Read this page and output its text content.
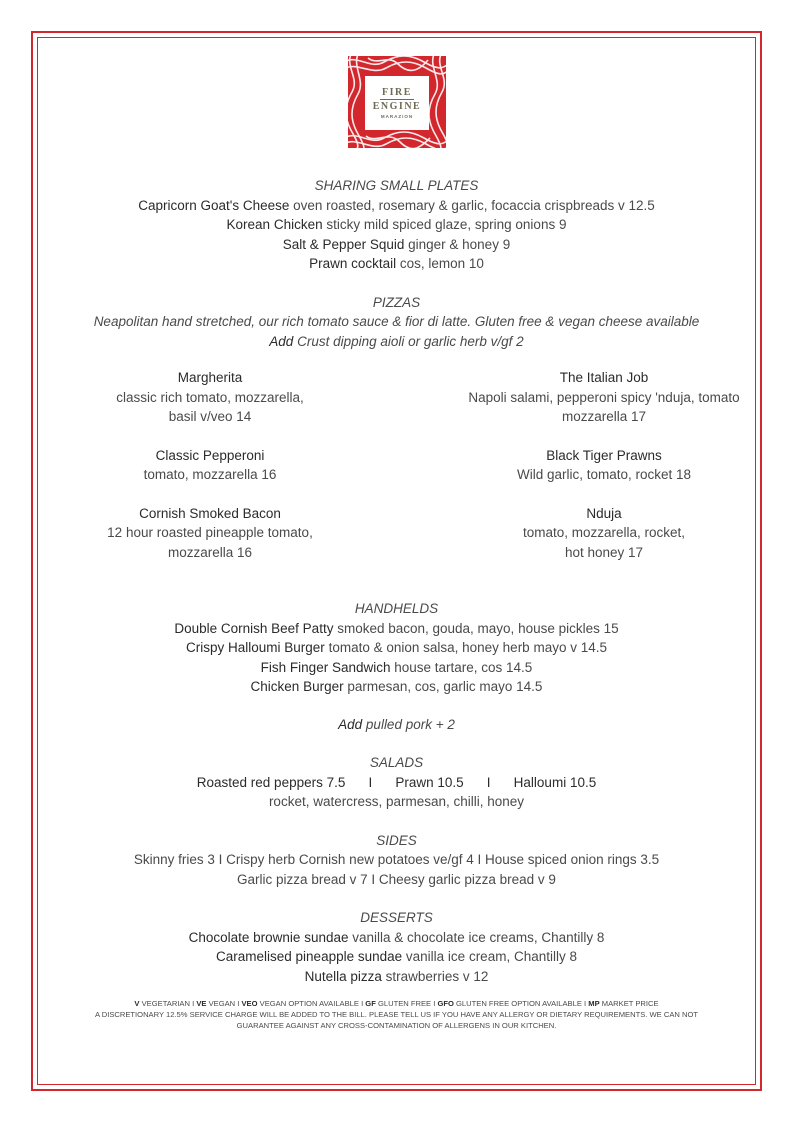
FIRE
ENGINE
MARAZION

SHARING SMALL PLATES

Capricorn Goat's Cheese oven roasted, rosemary & garlic, focaccia crispbreads v 12.5

Korean Chicken sticky mild spiced glaze, spring onions 9

Salt & Pepper Squid ginger & honey 9

Prawn cocktail cos, lemon 10

PIZZAS

Neapolitan hand stretched, our rich tomato sauce & fior di latte. Gluten free & vegan cheese available

Add Crust dipping aioli or garlic herb v/gf 2

Margherita

classic rich tomato, mozzarella,

basil v/veo 14

Classic Pepperoni

tomato, mozzarella 16

Cornish Smoked Bacon

12 hour roasted pineapple tomato,

mozzarella 16

The Italian Job

Napoli salami, pepperoni spicy 'nduja, tomato

mozzarella 17

Black Tiger Prawns

Wild garlic, tomato, rocket 18

Nduja

tomato, mozzarella, rocket,

hot honey 17

HANDHELDS

Double Cornish Beef Patty smoked bacon, gouda, mayo, house pickles 15

Crispy Halloumi Burger tomato & onion salsa, honey herb mayo v 14.5

Fish Finger Sandwich house tartare, cos 14.5

Chicken Burger parmesan, cos, garlic mayo 14.5

Add pulled pork + 2

SALADS

Roasted red peppers 7.5 I Prawn 10.5 I Halloumi 10.5

rocket, watercress, parmesan, chilli, honey

SIDES

Skinny fries 3 I Crispy herb Cornish new potatoes ve/gf 4 I House spiced onion rings 3.5

Garlic pizza bread v 7 I Cheesy garlic pizza bread v 9

DESSERTS

Chocolate brownie sundae vanilla & chocolate ice creams, Chantilly 8

Caramelised pineapple sundae vanilla ice cream, Chantilly 8

Nutella pizza strawberries v 12

V VEGETARIAN I VE VEGAN I VEO VEGAN OPTION AVAILABLE I GF GLUTEN FREE I GFO GLUTEN FREE OPTION AVAILABLE I MP MARKET PRICE
A DISCRETIONARY 12.5% SERVICE CHARGE WILL BE ADDED TO THE BILL. PLEASE TELL US IF YOU HAVE ANY ALLERGY OR DIETARY REQUIREMENTS. WE CAN NOT
GUARANTEE AGAINST ANY CROSS-CONTAMINATION OF ALLERGENS IN OUR KITCHEN.
